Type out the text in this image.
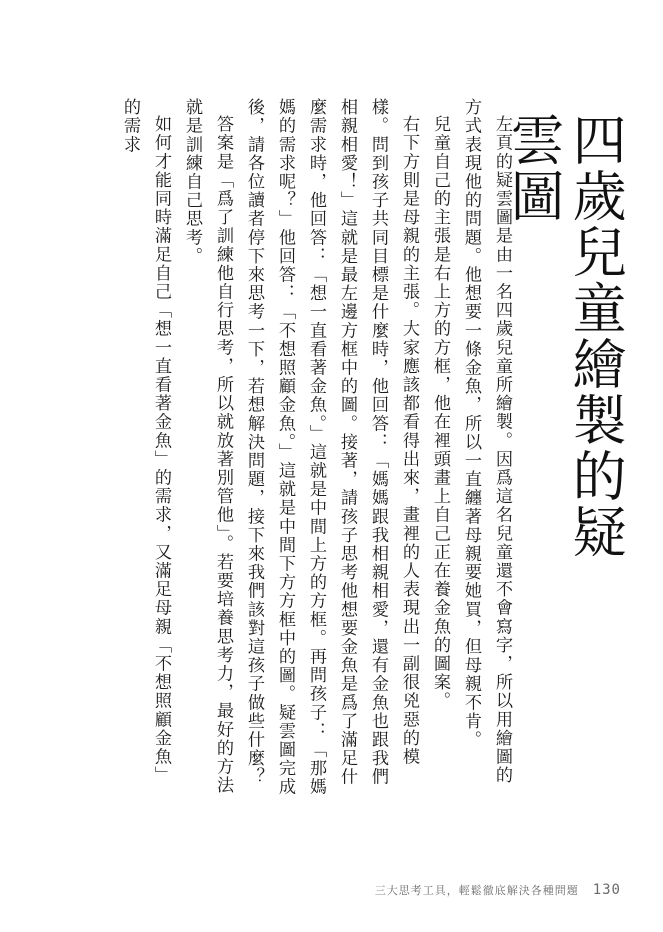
四歲兒童繪製的疑雲圖

左頁的疑雲圖是由一名四歲兒童所繪製。因爲這名兒童還不會寫字，所以用繪圖的方式表現他的問題。他想要一條金魚，所以一直纏著母親要她買，但母親不肯。

兒童自己的主張是右上方的方框，他在裡頭畫上自己正在養金魚的圖案。

右下方則是母親的主張。大家應該都看得出來，畫裡的人表現出一副很兇惡的模樣。問到孩子共同目標是什麼時，他回答：「媽媽跟我相親相愛，還有金魚也跟我們相親相愛！」這就是最左邊方框中的圖。接著，請孩子思考他想要金魚是爲了滿足什麼需求時，他回答：「想一直看著金魚。」這就是中間上方的方框。再問孩子：「那媽媽的需求呢？」他回答：「不想照顧金魚。」這就是中間下方方框中的圖。疑雲圖完成後，請各位讀者停下來思考一下，若想解決問題，接下來我們該對這孩子做些什麼？

答案是「爲了訓練他自行思考，所以就放著別管他」。若要培養思考力，最好的方法就是訓練自己思考。

如何才能同時滿足自己「想一直看著金魚」的需求，又滿足母親「不想照顧金魚」的需求

三大思考工具，輕鬆徹底解決各種問題 130
